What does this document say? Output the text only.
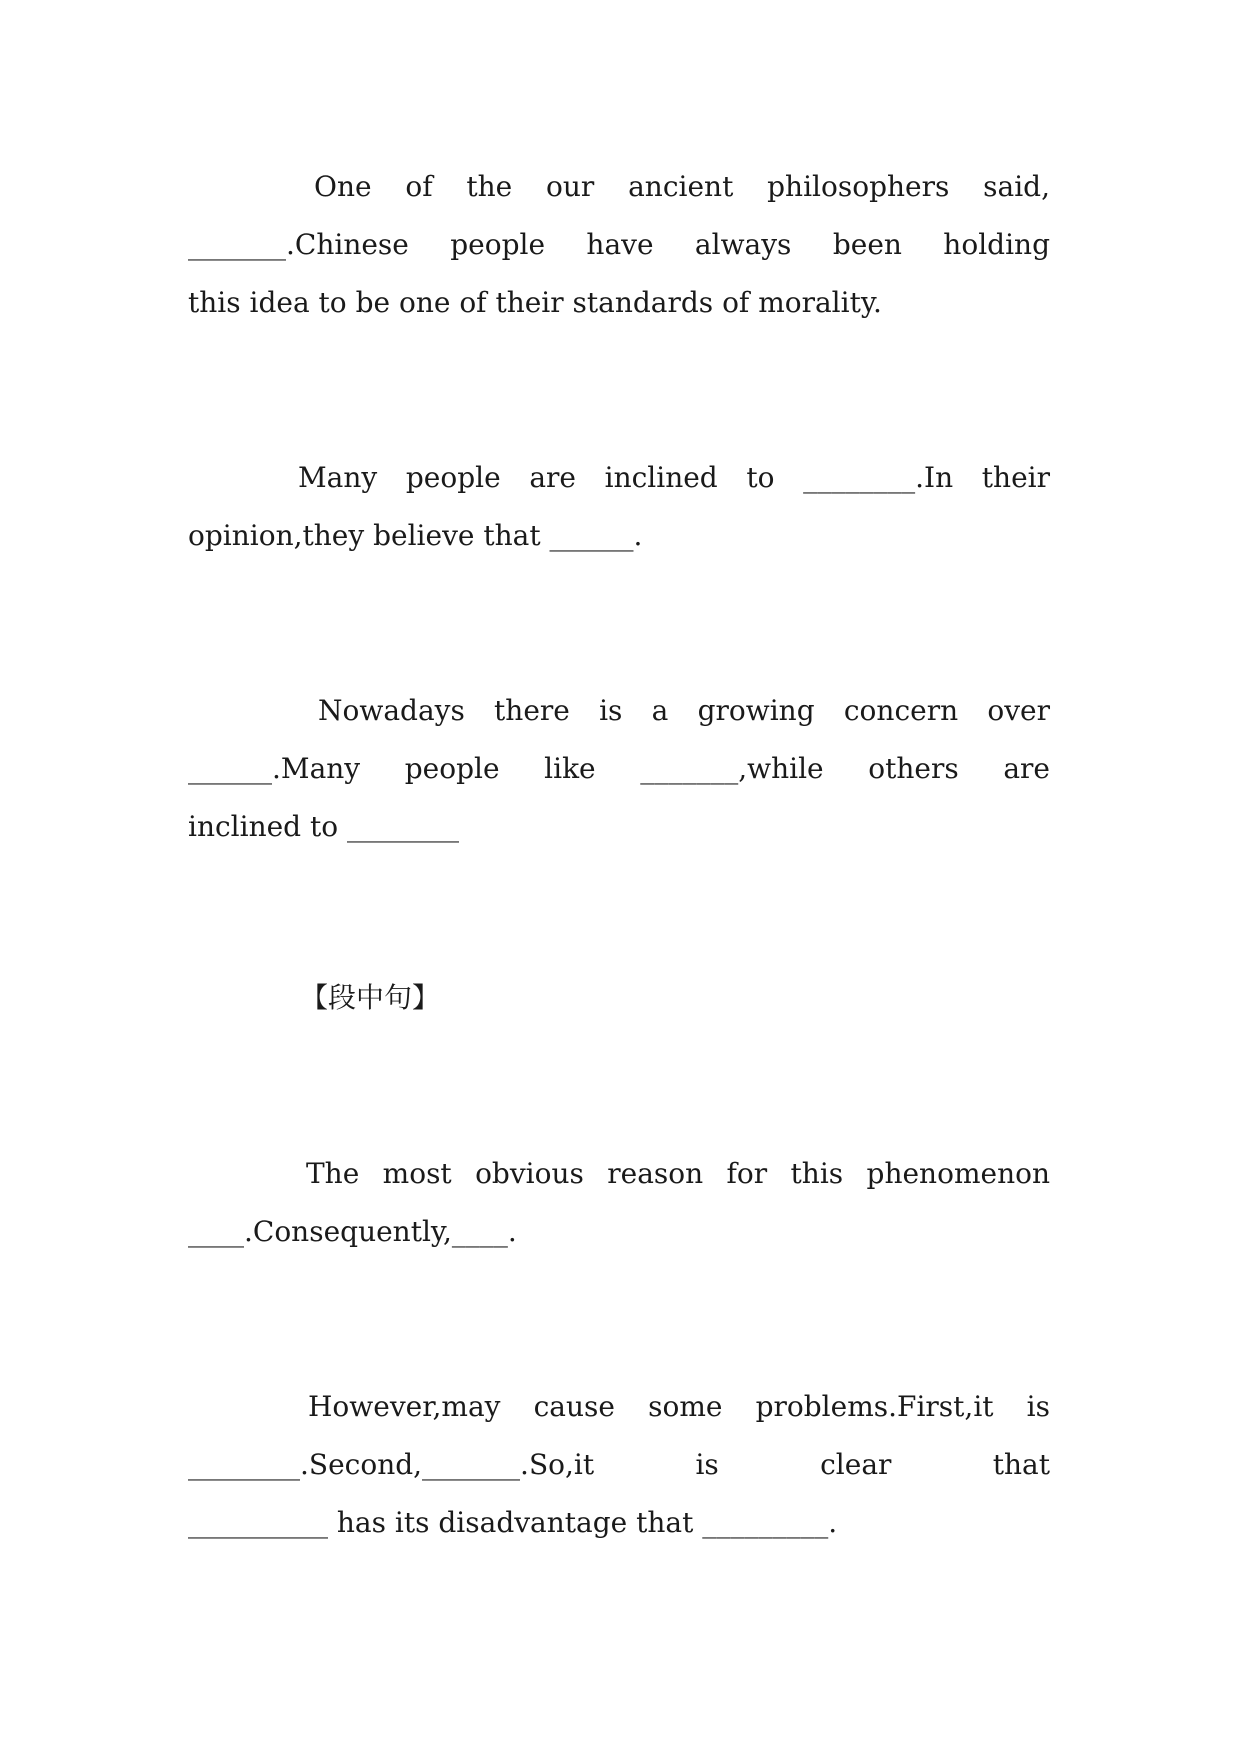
One of the our ancient philosophers said,
_______.Chinese people have always been holding
this idea to be one of their standards of morality.
Many people are inclined to ________.In their
opinion,they believe that ______.
Nowadays there is a growing concern over
______.Many people like _______,while others are
inclined to ________
【段中句】
The most obvious reason for this phenomenon
____.Consequently,____.
However,may cause some problems.First,it is
________.Second,_______.So,it is clear that
__________ has its disadvantage that _________.
